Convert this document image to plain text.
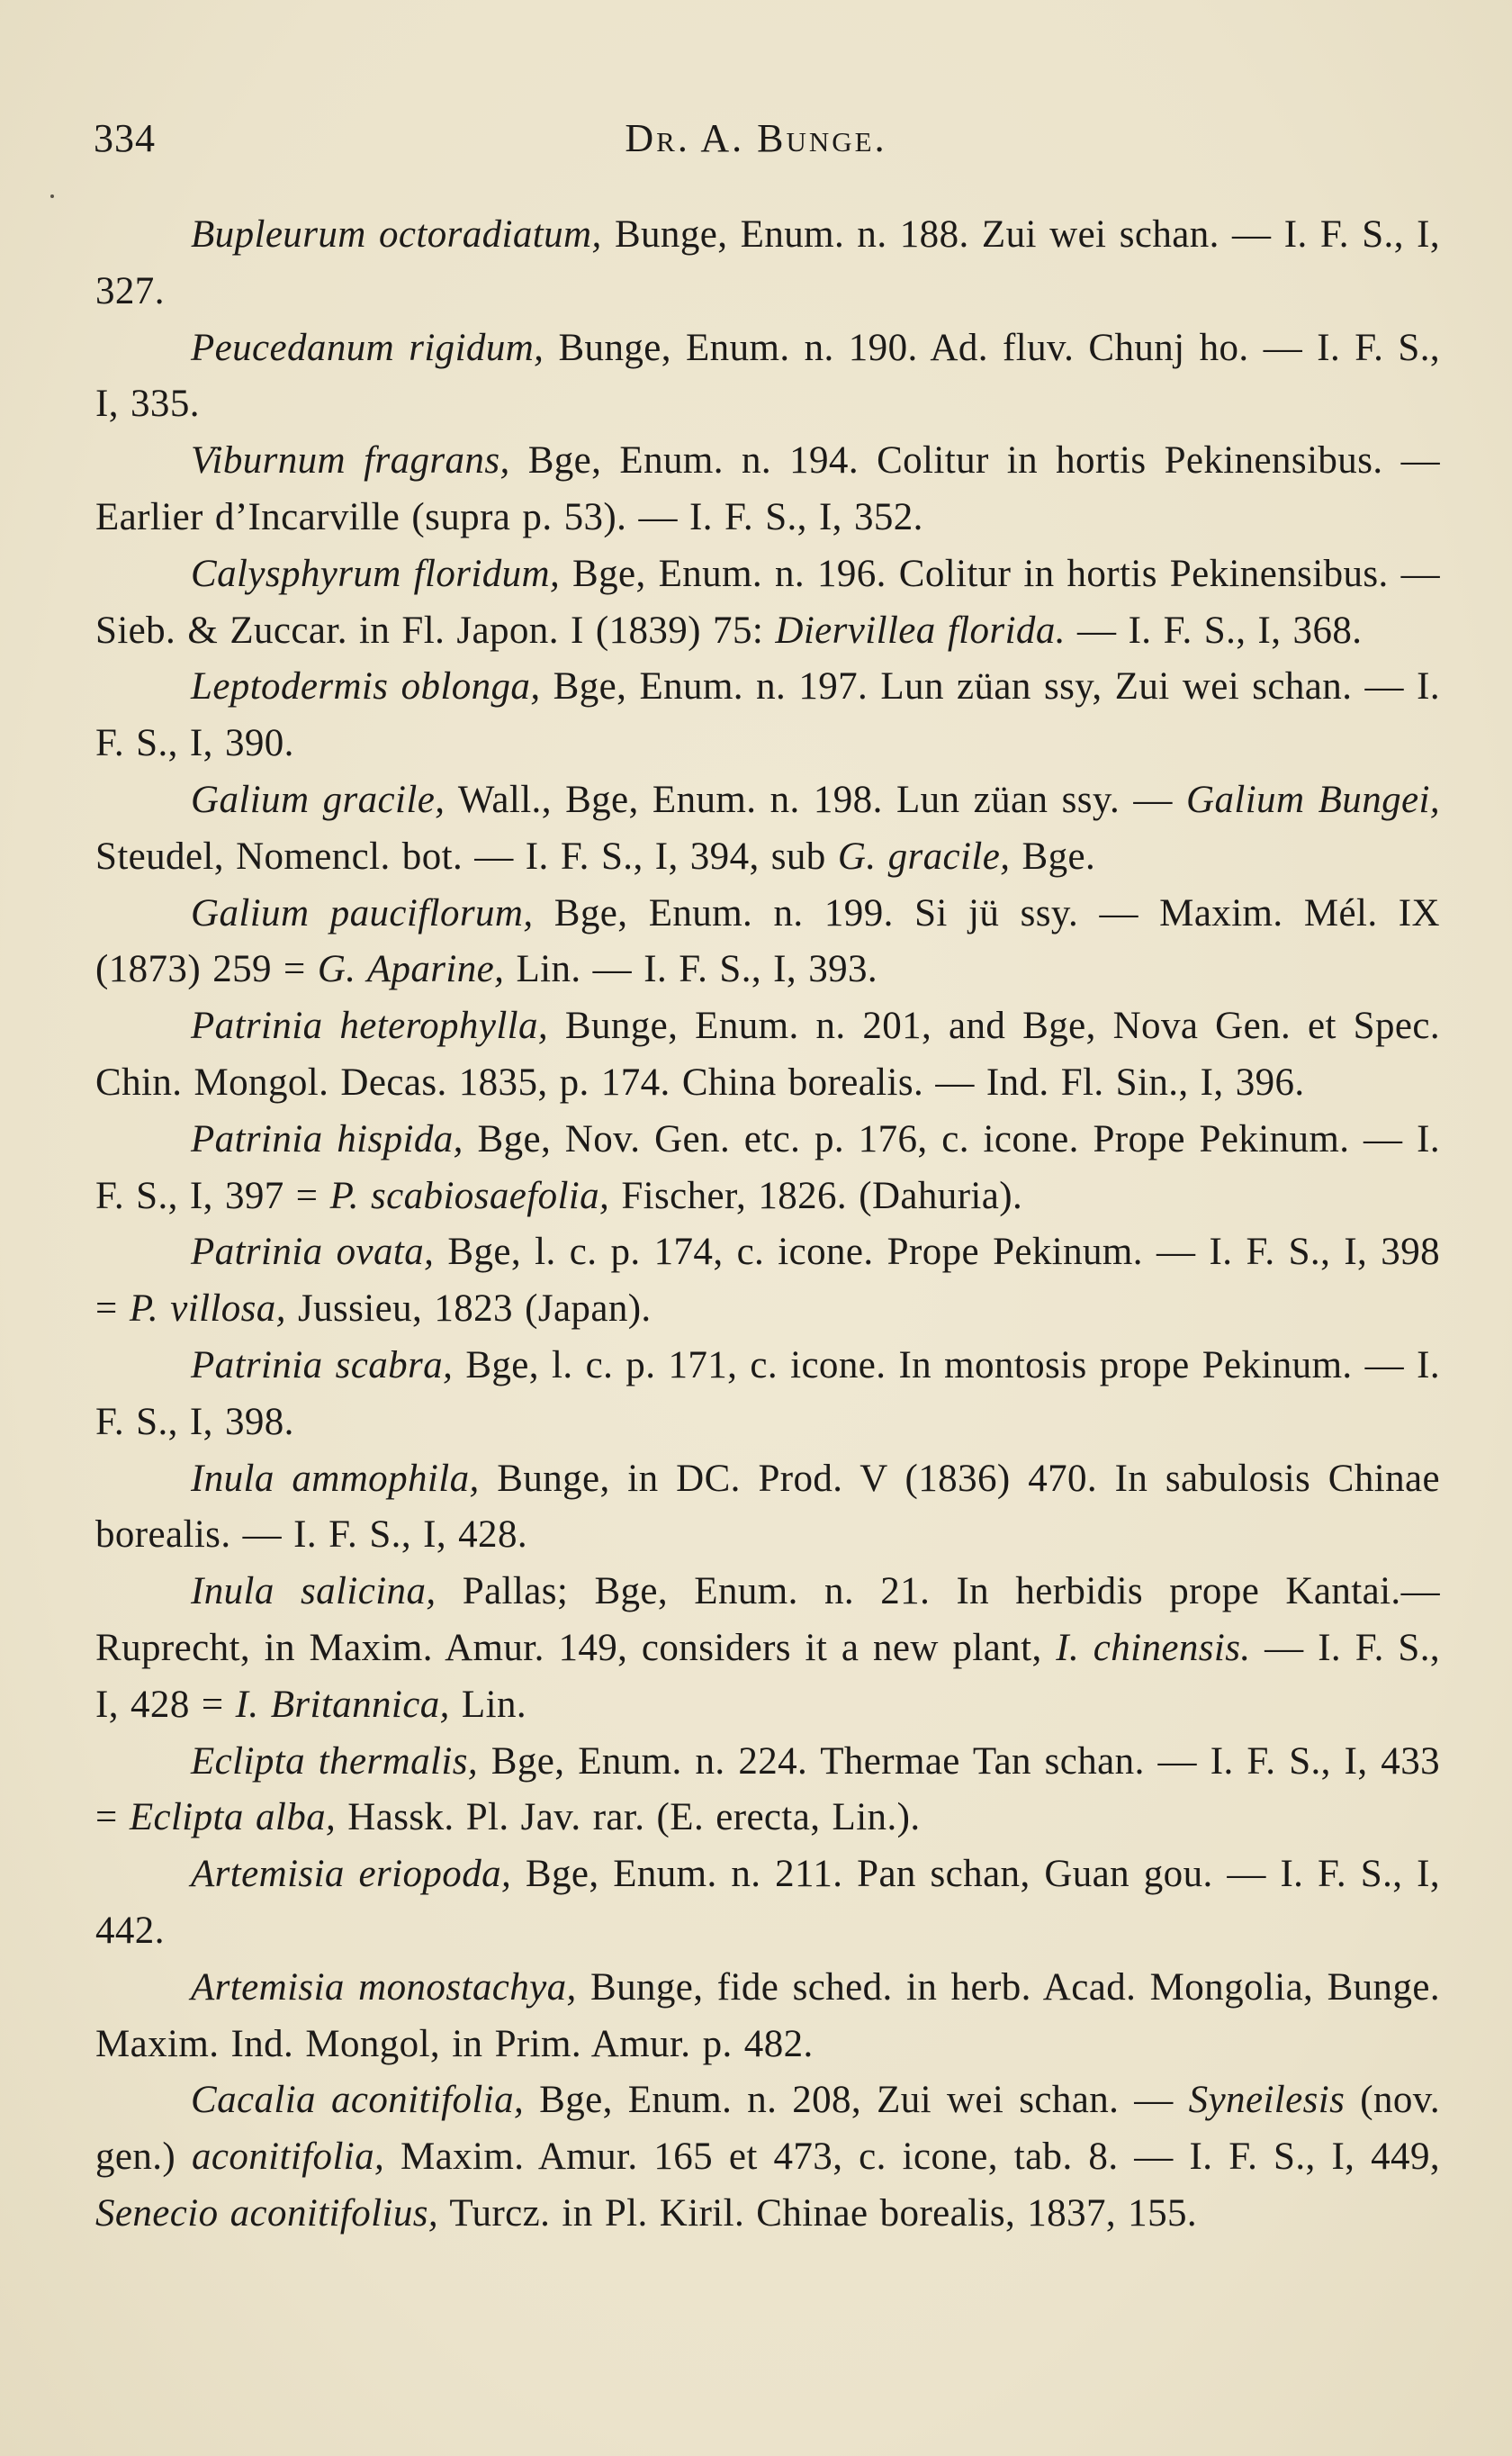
334	Dr. A. Bunge.

Bupleurum octoradiatum, Bunge, Enum. n. 188. Zui wei schan. — I. F. S., I, 327.

Peucedanum rigidum, Bunge, Enum. n. 190. Ad. fluv. Chunj ho. — I. F. S., I, 335.

Viburnum fragrans, Bge, Enum. n. 194. Colitur in hortis Pekinensibus. — Earlier d’Incarville (supra p. 53). — I. F. S., I, 352.

Calysphyrum floridum, Bge, Enum. n. 196. Colitur in hortis Pekinensibus. — Sieb. & Zuccar. in Fl. Japon. I (1839) 75: Diervillea florida. — I. F. S., I, 368.

Leptodermis oblonga, Bge, Enum. n. 197. Lun züan ssy, Zui wei schan. — I. F. S., I, 390.

Galium gracile, Wall., Bge, Enum. n. 198. Lun züan ssy. — Galium Bungei, Steudel, Nomencl. bot. — I. F. S., I, 394, sub G. gracile, Bge.

Galium pauciflorum, Bge, Enum. n. 199. Si jü ssy. — Maxim. Mél. IX (1873) 259 = G. Aparine, Lin. — I. F. S., I, 393.

Patrinia heterophylla, Bunge, Enum. n. 201, and Bge, Nova Gen. et Spec. Chin. Mongol. Decas. 1835, p. 174. China borealis. — Ind. Fl. Sin., I, 396.

Patrinia hispida, Bge, Nov. Gen. etc. p. 176, c. icone. Prope Pekinum. — I. F. S., I, 397 = P. scabiosaefolia, Fischer, 1826. (Dahuria).

Patrinia ovata, Bge, l. c. p. 174, c. icone. Prope Pekinum. — I. F. S., I, 398 = P. villosa, Jussieu, 1823 (Japan).

Patrinia scabra, Bge, l. c. p. 171, c. icone. In montosis prope Pekinum. — I. F. S., I, 398.

Inula ammophila, Bunge, in DC. Prod. V (1836) 470. In sabulosis Chinae borealis. — I. F. S., I, 428.

Inula salicina, Pallas; Bge, Enum. n. 21. In herbidis prope Kantai.— Ruprecht, in Maxim. Amur. 149, considers it a new plant, I. chinensis. — I. F. S., I, 428 = I. Britannica, Lin.

Eclipta thermalis, Bge, Enum. n. 224. Thermae Tan schan. — I. F. S., I, 433 = Eclipta alba, Hassk. Pl. Jav. rar. (E. erecta, Lin.).

Artemisia eriopoda, Bge, Enum. n. 211. Pan schan, Guan gou. — I. F. S., I, 442.

Artemisia monostachya, Bunge, fide sched. in herb. Acad. Mongolia, Bunge. Maxim. Ind. Mongol, in Prim. Amur. p. 482.

Cacalia aconitifolia, Bge, Enum. n. 208, Zui wei schan. — Syneilesis (nov. gen.) aconitifolia, Maxim. Amur. 165 et 473, c. icone, tab. 8. — I. F. S., I, 449, Senecio aconitifolius, Turcz. in Pl. Kiril. Chinae borealis, 1837, 155.
